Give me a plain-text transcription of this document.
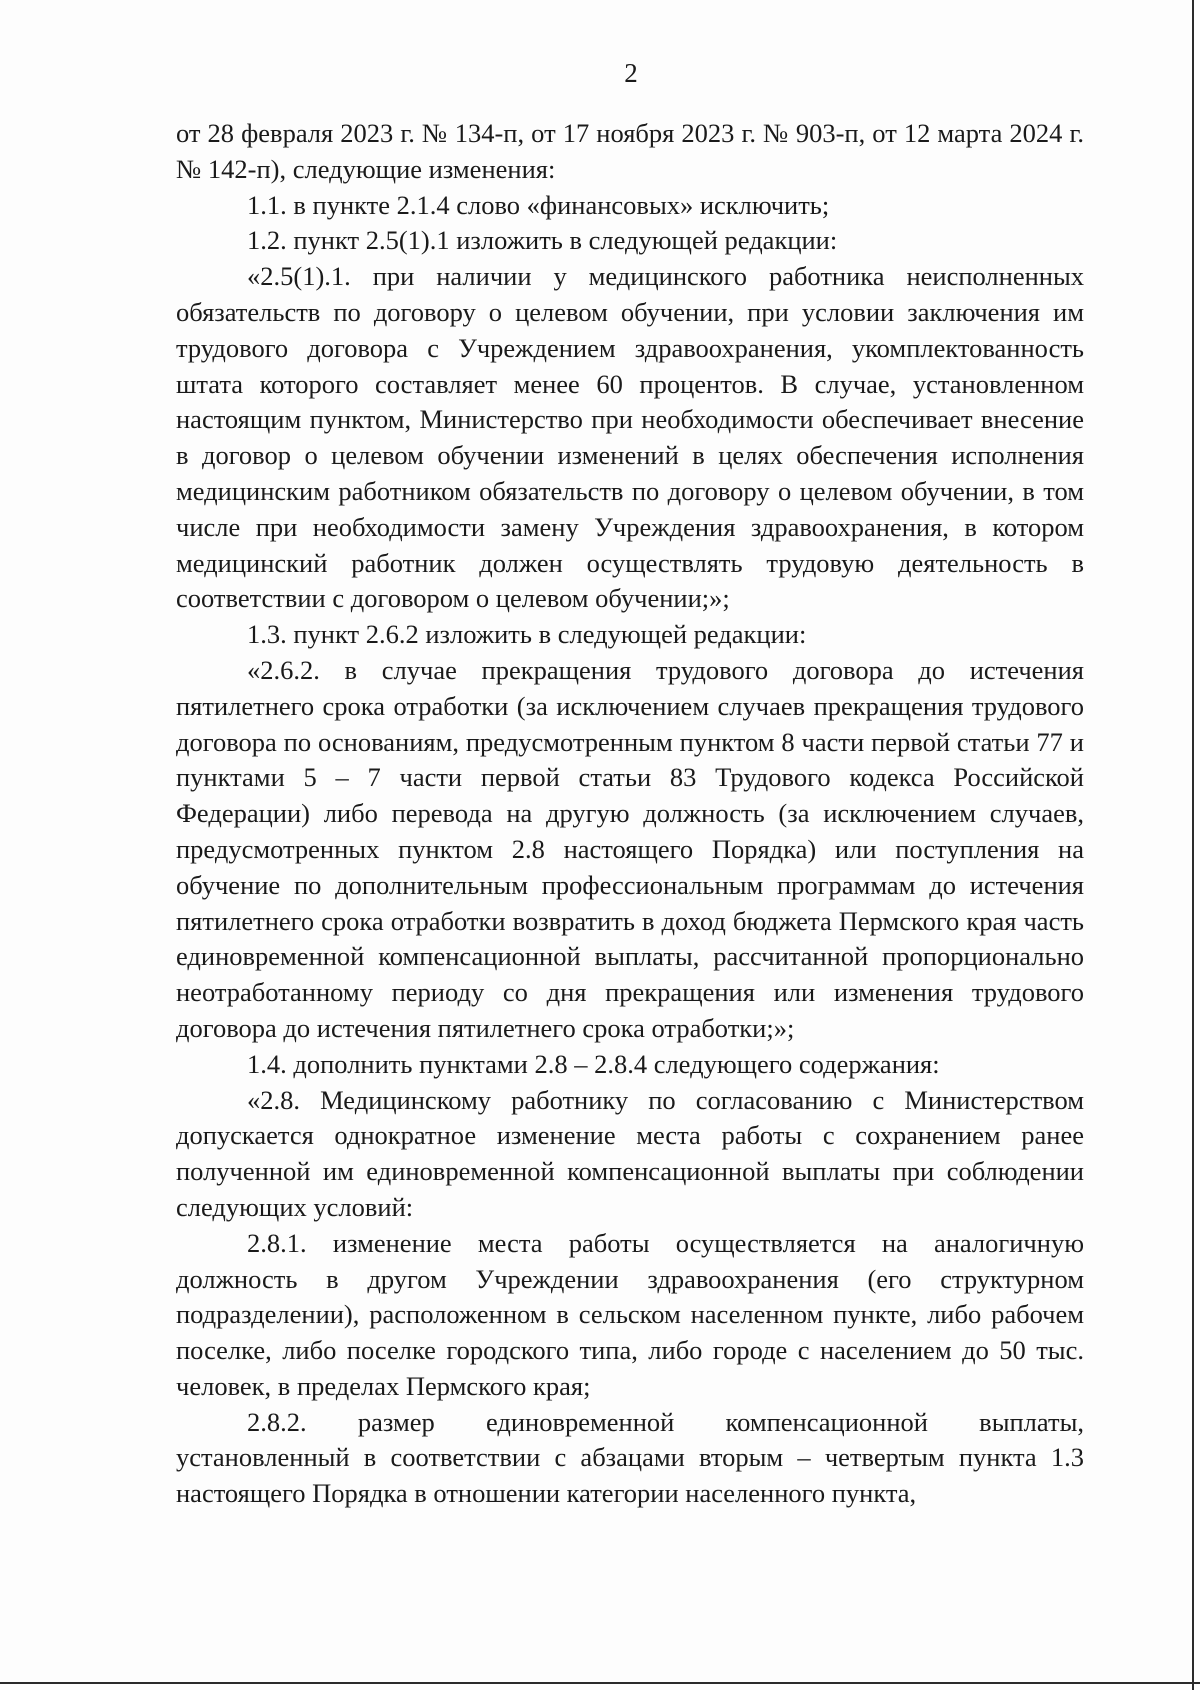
2

от 28 февраля 2023 г. № 134-п, от 17 ноября 2023 г. № 903-п, от 12 марта 2024 г. № 142-п), следующие изменения:

1.1. в пункте 2.1.4 слово «финансовых» исключить;

1.2. пункт 2.5(1).1 изложить в следующей редакции:

«2.5(1).1. при наличии у медицинского работника неисполненных обязательств по договору о целевом обучении, при условии заключения им трудового договора с Учреждением здравоохранения, укомплектованность штата которого составляет менее 60 процентов. В случае, установленном настоящим пунктом, Министерство при необходимости обеспечивает внесение в договор о целевом обучении изменений в целях обеспечения исполнения медицинским работником обязательств по договору о целевом обучении, в том числе при необходимости замену Учреждения здравоохранения, в котором медицинский работник должен осуществлять трудовую деятельность в соответствии с договором о целевом обучении;»;

1.3. пункт 2.6.2 изложить в следующей редакции:

«2.6.2. в случае прекращения трудового договора до истечения пятилетнего срока отработки (за исключением случаев прекращения трудового договора по основаниям, предусмотренным пунктом 8 части первой статьи 77 и пунктами 5 – 7 части первой статьи 83 Трудового кодекса Российской Федерации) либо перевода на другую должность (за исключением случаев, предусмотренных пунктом 2.8 настоящего Порядка) или поступления на обучение по дополнительным профессиональным программам до истечения пятилетнего срока отработки возвратить в доход бюджета Пермского края часть единовременной компенсационной выплаты, рассчитанной пропорционально неотработанному периоду со дня прекращения или изменения трудового договора до истечения пятилетнего срока отработки;»;

1.4. дополнить пунктами 2.8 – 2.8.4 следующего содержания:

«2.8. Медицинскому работнику по согласованию с Министерством допускается однократное изменение места работы с сохранением ранее полученной им единовременной компенсационной выплаты при соблюдении следующих условий:

2.8.1. изменение места работы осуществляется на аналогичную должность в другом Учреждении здравоохранения (его структурном подразделении), расположенном в сельском населенном пункте, либо рабочем поселке, либо поселке городского типа, либо городе с населением до 50 тыс. человек, в пределах Пермского края;

2.8.2. размер единовременной компенсационной выплаты, установленный в соответствии с абзацами вторым – четвертым пункта 1.3 настоящего Порядка в отношении категории населенного пункта,
